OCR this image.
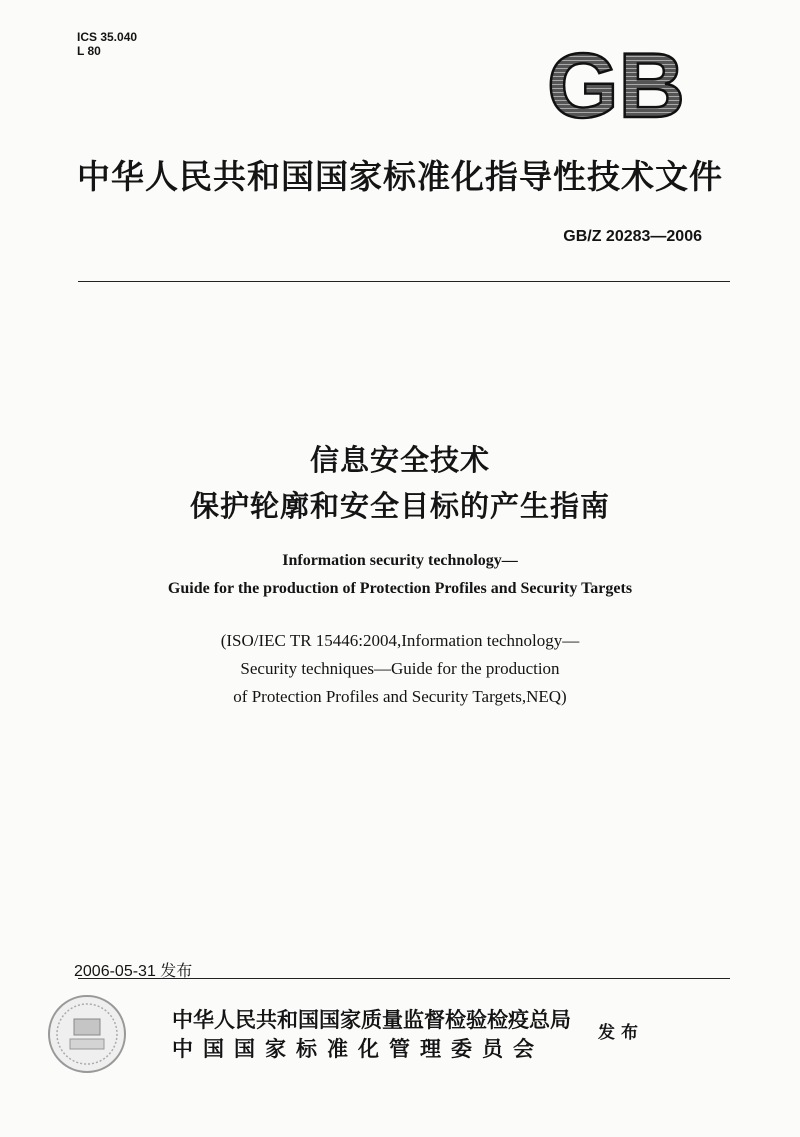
ICS 35.040
L 80	GB
中华人民共和国国家标准化指导性技术文件
GB/Z 20283—2006
信息安全技术
保护轮廓和安全目标的产生指南
Information security technology—
Guide for the production of Protection Profiles and Security Targets
(ISO/IEC TR 15446:2004,Information technology—
Security techniques—Guide for the production
of Protection Profiles and Security Targets,NEQ)
2006-05-31 发布
中华人民共和国国家质量监督检验检疫总局
中国国家标准化管理委员会
发布
